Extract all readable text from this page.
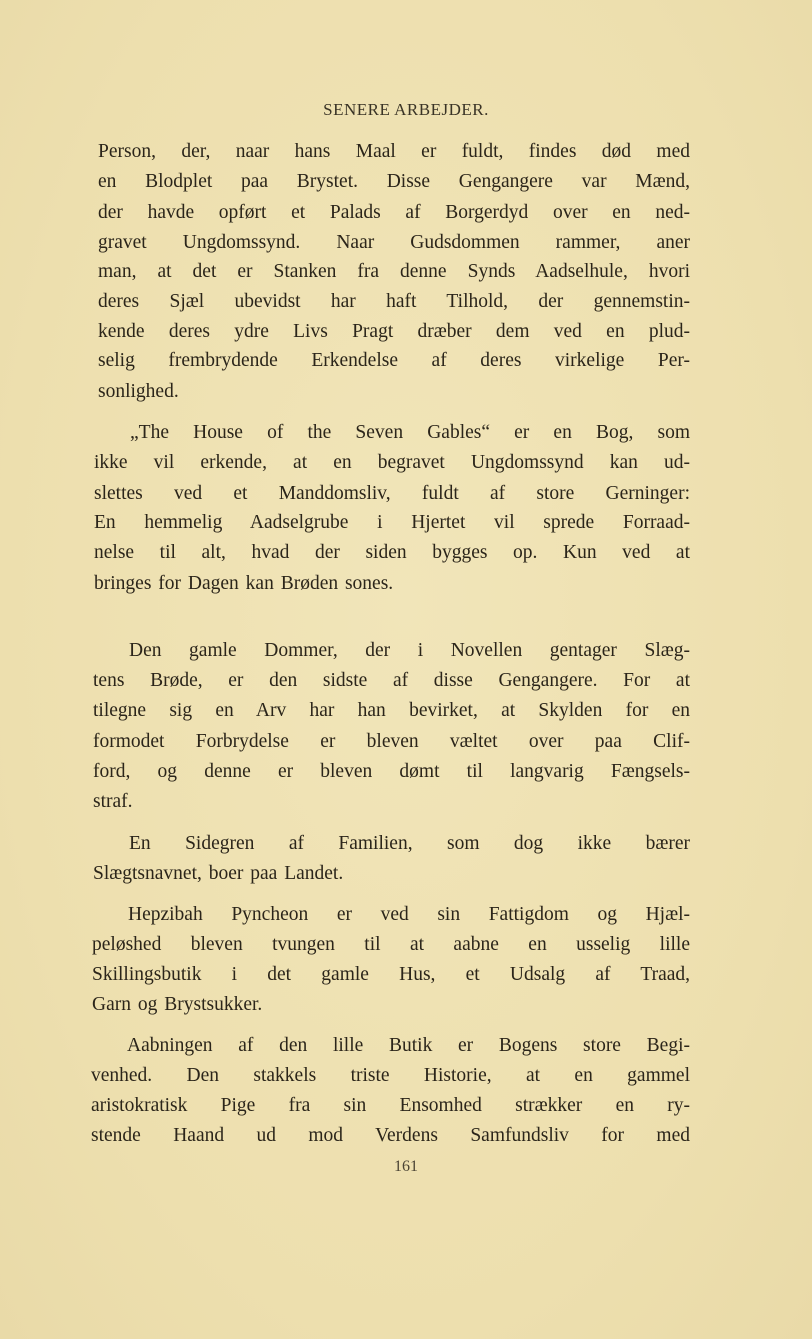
SENERE ARBEJDER.
Person, der, naar hans Maal er fuldt, findes død med
en Blodplet paa Brystet. Disse Gengangere var Mænd,
der havde opført et Palads af Borgerdyd over en ned-
gravet Ungdomssynd. Naar Gudsdommen rammer, aner
man, at det er Stanken fra denne Synds Aadselhule, hvori
deres Sjæl ubevidst har haft Tilhold, der gennemstin-
kende deres ydre Livs Pragt dræber dem ved en plud-
selig frembrydende Erkendelse af deres virkelige Per-
sonlighed.
„The House of the Seven Gables“ er en Bog, som
ikke vil erkende, at en begravet Ungdomssynd kan ud-
slettes ved et Manddomsliv, fuldt af store Gerninger:
En hemmelig Aadselgrube i Hjertet vil sprede Forraad-
nelse til alt, hvad der siden bygges op. Kun ved at
bringes for Dagen kan Brøden sones.
Den gamle Dommer, der i Novellen gentager Slæg-
tens Brøde, er den sidste af disse Gengangere. For at
tilegne sig en Arv har han bevirket, at Skylden for en
formodet Forbrydelse er bleven væltet over paa Clif-
ford, og denne er bleven dømt til langvarig Fængsels-
straf.
En Sidegren af Familien, som dog ikke bærer
Slægtsnavnet, boer paa Landet.
Hepzibah Pyncheon er ved sin Fattigdom og Hjæl-
peløshed bleven tvungen til at aabne en usselig lille
Skillingsbutik i det gamle Hus, et Udsalg af Traad,
Garn og Brystsukker.
Aabningen af den lille Butik er Bogens store Begi-
venhed. Den stakkels triste Historie, at en gammel
aristokratisk Pige fra sin Ensomhed strækker en ry-
stende Haand ud mod Verdens Samfundsliv for med
161
